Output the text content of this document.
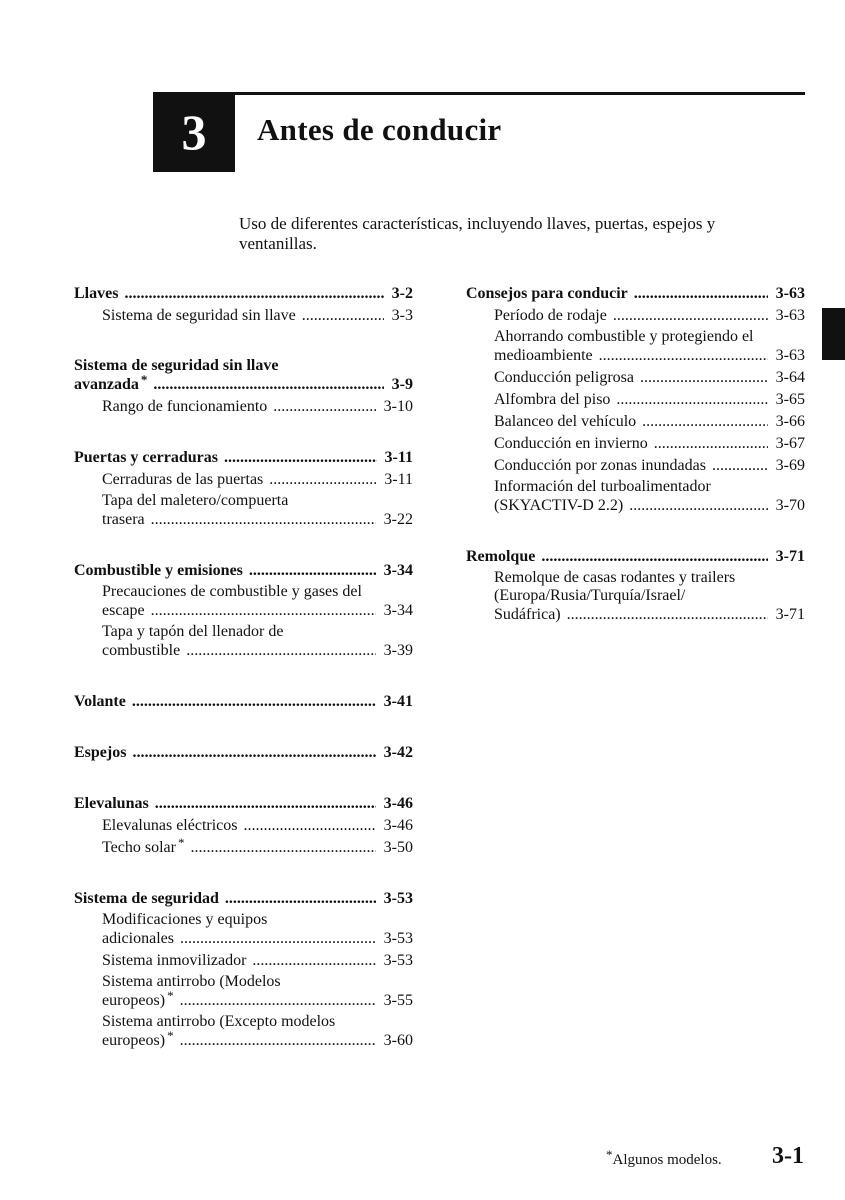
3 Antes de conducir
Uso de diferentes características, incluyendo llaves, puertas, espejos y ventanillas.
Llaves .....	3-2
Sistema de seguridad sin llave .....	3-3
Sistema de seguridad sin llave
avanzada * .....	3-9
Rango de funcionamiento .....	3-10
Puertas y cerraduras .....	3-11
Cerraduras de las puertas .....	3-11
Tapa del maletero/compuerta
trasera .....	3-22
Combustible y emisiones .....	3-34
Precauciones de combustible y gases del
escape .....	3-34
Tapa y tapón del llenador de
combustible .....	3-39
Volante .....	3-41
Espejos .....	3-42
Elevalunas .....	3-46
Elevalunas eléctricos .....	3-46
Techo solar * .....	3-50
Sistema de seguridad .....	3-53
Modificaciones y equipos
adicionales .....	3-53
Sistema inmovilizador .....	3-53
Sistema antirrobo (Modelos
europeos) * .....	3-55
Sistema antirrobo (Excepto modelos
europeos) * .....	3-60
Consejos para conducir .....	3-63
Período de rodaje .....	3-63
Ahorrando combustible y protegiendo el
medioambiente .....	3-63
Conducción peligrosa .....	3-64
Alfombra del piso .....	3-65
Balanceo del vehículo .....	3-66
Conducción en invierno .....	3-67
Conducción por zonas inundadas .....	3-69
Información del turboalimentador
(SKYACTIV-D 2.2) .....	3-70
Remolque .....	3-71
Remolque de casas rodantes y trailers
(Europa/Rusia/Turquía/Israel/
Sudáfrica) .....	3-71
*Algunos modelos. 3-1
